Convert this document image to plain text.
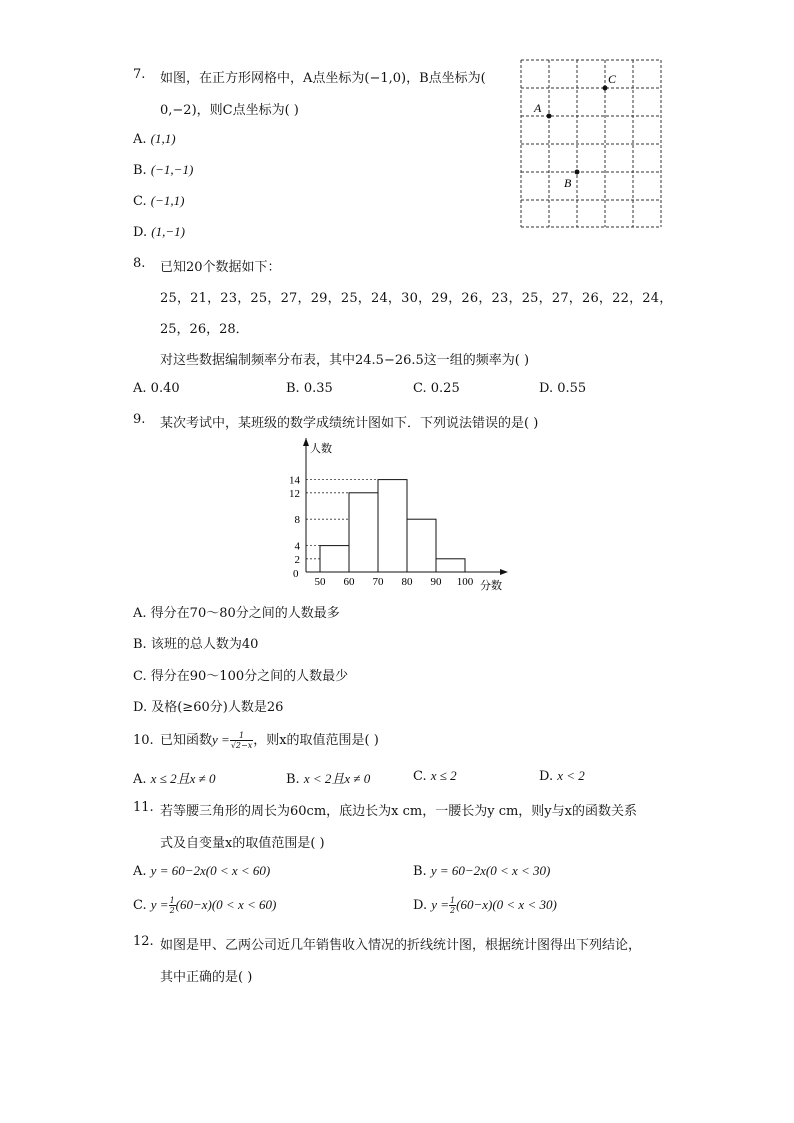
7. 如图，在正方形网格中，A点坐标为(−1,0)，B点坐标为(
0,−2)，则C点坐标为( )
A. (1,1)
B. (−1,−1)
C. (−1,1)
D. (1,−1)
A
B
C
8. 已知20个数据如下：
25，21，23，25，27，29，25，24，30，29，26，23，25，27，26，22，24，
25，26，28．
对这些数据编制频率分布表，其中24.5−26.5这一组的频率为( )
A. 0.40	B. 0.35	C. 0.25	D. 0.55
9. 某次考试中，某班级的数学成绩统计图如下．下列说法错误的是( )
人数
分数
0
2
4
8
12
14
50 60 70 80 90 100
A. 得分在70～80分之间的人数最多
B. 该班的总人数为40
C. 得分在90～100分之间的人数最少
D. 及格(≥60分)人数是26
10. 已知函数$y = \frac{1}{√2-x}$ ，则x的取值范围是( )
A. x ≤ 2且x ≠ 0	B. x < 2且x ≠ 0	C. x ≤ 2	D. x < 2
11. 若等腰三角形的周长为60cm，底边长为x cm，一腰长为y cm，则y与x的函数关系
式及自变量x的取值范围是( )
A. y = 60−2x(0 < x < 60)	B. y = 60−2x(0 < x < 30)
C. $y = \frac{1}{2} (60-x)(0 < x < 60)$	D. $y = \frac{1}{2} (60-x)(0 < x < 30)$
12. 如图是甲、乙两公司近几年销售收入情况的折线统计图，根据统计图得出下列结论，
其中正确的是( )
